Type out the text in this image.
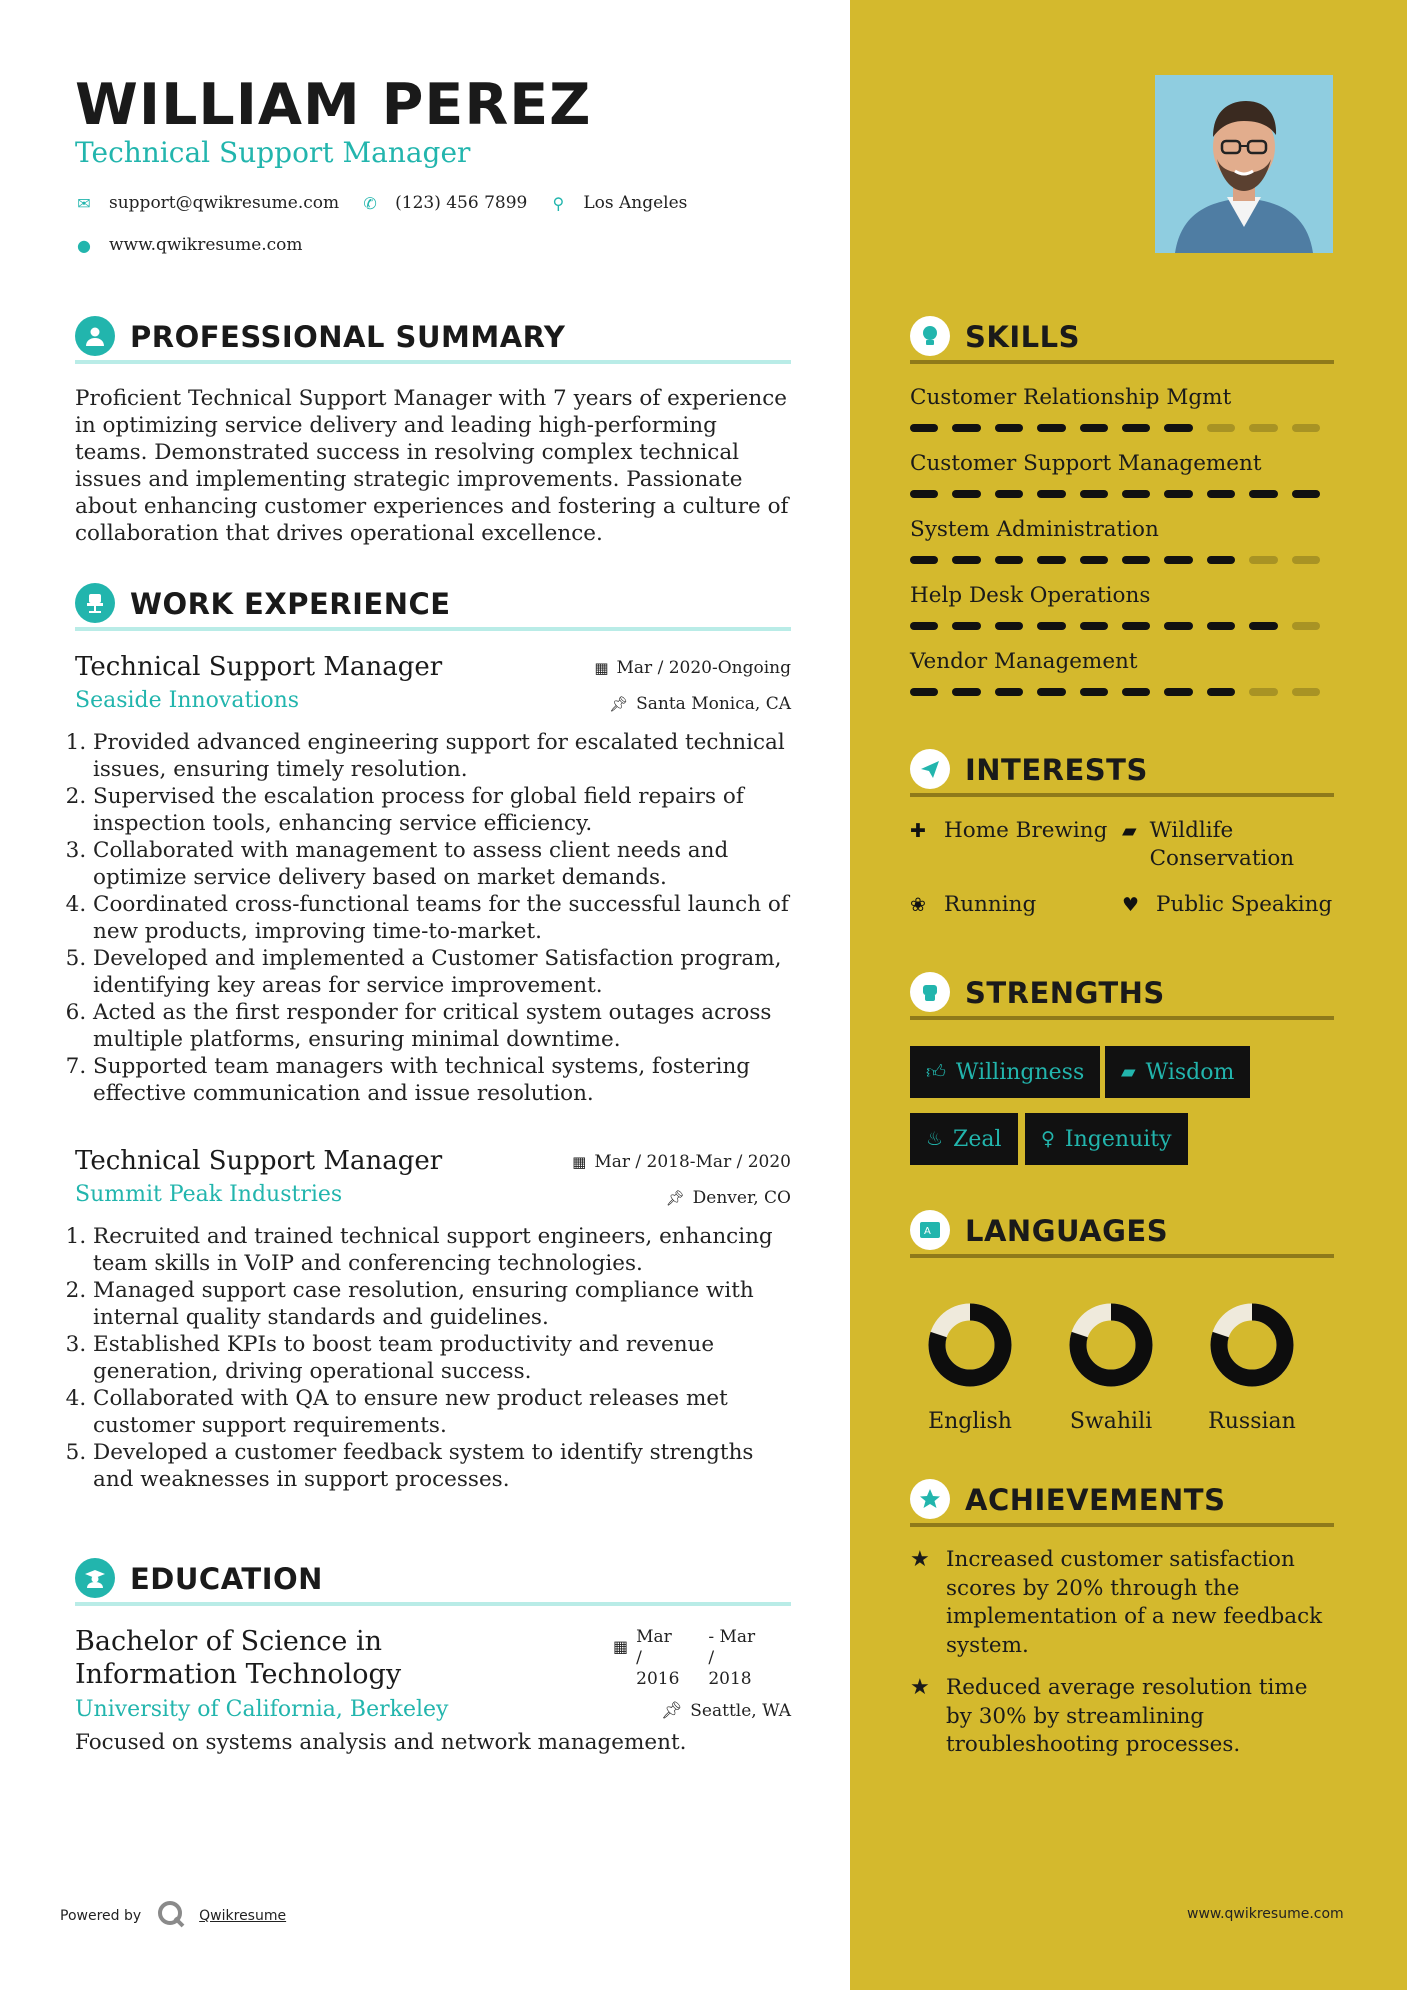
WILLIAM PEREZ
Technical Support Manager
✉ support@qwikresume.com ✆ (123) 456 7899 ⚲ Los Angeles
● www.qwikresume.com
PROFESSIONAL SUMMARY
Proficient Technical Support Manager with 7 years of experience in optimizing service delivery and leading high-performing teams. Demonstrated success in resolving complex technical issues and implementing strategic improvements. Passionate about enhancing customer experiences and fostering a culture of collaboration that drives operational excellence.
WORK EXPERIENCE
Technical Support Manager
Seaside Innovations
▦ Mar / 2020-Ongoing
📌︎ Santa Monica, CA
1. Provided advanced engineering support for escalated technical issues, ensuring timely resolution.
2. Supervised the escalation process for global field repairs of inspection tools, enhancing service efficiency.
3. Collaborated with management to assess client needs and optimize service delivery based on market demands.
4. Coordinated cross-functional teams for the successful launch of new products, improving time-to-market.
5. Developed and implemented a Customer Satisfaction program, identifying key areas for service improvement.
6. Acted as the first responder for critical system outages across multiple platforms, ensuring minimal downtime.
7. Supported team managers with technical systems, fostering effective communication and issue resolution.
Technical Support Manager
Summit Peak Industries
▦ Mar / 2018-Mar / 2020
📌︎ Denver, CO
1. Recruited and trained technical support engineers, enhancing team skills in VoIP and conferencing technologies.
2. Managed support case resolution, ensuring compliance with internal quality standards and guidelines.
3. Established KPIs to boost team productivity and revenue generation, driving operational success.
4. Collaborated with QA to ensure new product releases met customer support requirements.
5. Developed a customer feedback system to identify strengths and weaknesses in support processes.
EDUCATION
Bachelor of Science in Information Technology
University of California, Berkeley
Focused on systems analysis and network management.
▦ Mar /
2016
- Mar /
2018
📌︎ Seattle, WA
SKILLS
Customer Relationship Mgmt
Customer Support Management
System Administration
Help Desk Operations
Vendor Management
INTERESTS
✚ Home Brewing ▰ Wildlife Conservation
❀ Running	♥ Public Speaking
STRENGTHS
👍︎ Willingness ▰ Wisdom
♨ Zeal ♀ Ingenuity
A LANGUAGES
English	Swahili	Russian
ACHIEVEMENTS
★ Increased customer satisfaction scores by 20% through the implementation of a new feedback system.
★ Reduced average resolution time by 30% by streamlining troubleshooting processes.
Powered by	Qwikresume	www.qwikresume.com
